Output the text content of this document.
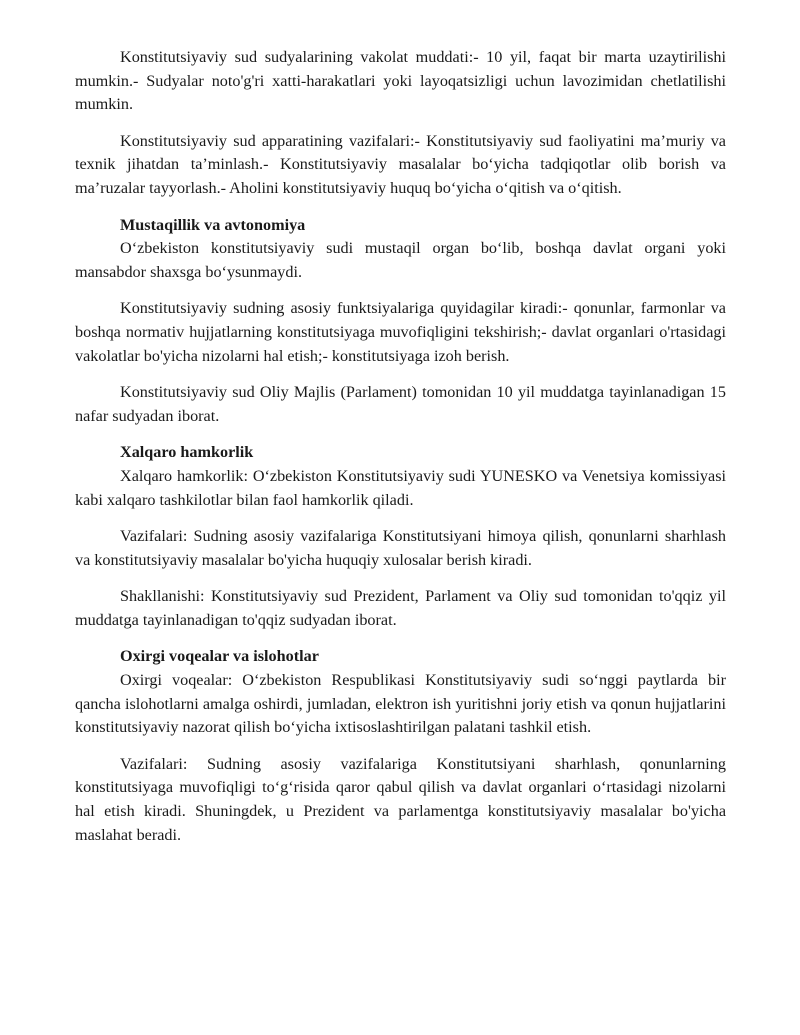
Konstitutsiyaviy sud sudyalarining vakolat muddati:- 10 yil, faqat bir marta uzaytirilishi mumkin.- Sudyalar noto'g'ri xatti-harakatlari yoki layoqatsizligi uchun lavozimidan chetlatilishi mumkin.

Konstitutsiyaviy sud apparatining vazifalari:- Konstitutsiyaviy sud faoliyatini ma’muriy va texnik jihatdan ta’minlash.- Konstitutsiyaviy masalalar bo‘yicha tadqiqotlar olib borish va ma’ruzalar tayyorlash.- Aholini konstitutsiyaviy huquq bo‘yicha o‘qitish va o‘qitish.

Mustaqillik va avtonomiya

O‘zbekiston konstitutsiyaviy sudi mustaqil organ bo‘lib, boshqa davlat organi yoki mansabdor shaxsga bo‘ysunmaydi.

Konstitutsiyaviy sudning asosiy funktsiyalariga quyidagilar kiradi:- qonunlar, farmonlar va boshqa normativ hujjatlarning konstitutsiyaga muvofiqligini tekshirish;- davlat organlari o'rtasidagi vakolatlar bo'yicha nizolarni hal etish;- konstitutsiyaga izoh berish.

Konstitutsiyaviy sud Oliy Majlis (Parlament) tomonidan 10 yil muddatga tayinlanadigan 15 nafar sudyadan iborat.

Xalqaro hamkorlik

Xalqaro hamkorlik: O‘zbekiston Konstitutsiyaviy sudi YUNESKO va Venetsiya komissiyasi kabi xalqaro tashkilotlar bilan faol hamkorlik qiladi.

Vazifalari: Sudning asosiy vazifalariga Konstitutsiyani himoya qilish, qonunlarni sharhlash va konstitutsiyaviy masalalar bo'yicha huquqiy xulosalar berish kiradi.

Shakllanishi: Konstitutsiyaviy sud Prezident, Parlament va Oliy sud tomonidan to'qqiz yil muddatga tayinlanadigan to'qqiz sudyadan iborat.

Oxirgi voqealar va islohotlar

Oxirgi voqealar: O‘zbekiston Respublikasi Konstitutsiyaviy sudi so‘nggi paytlarda bir qancha islohotlarni amalga oshirdi, jumladan, elektron ish yuritishni joriy etish va qonun hujjatlarini konstitutsiyaviy nazorat qilish bo‘yicha ixtisoslashtirilgan palatani tashkil etish.

Vazifalari: Sudning asosiy vazifalariga Konstitutsiyani sharhlash, qonunlarning konstitutsiyaga muvofiqligi to‘g‘risida qaror qabul qilish va davlat organlari o‘rtasidagi nizolarni hal etish kiradi. Shuningdek, u Prezident va parlamentga konstitutsiyaviy masalalar bo'yicha maslahat beradi.
